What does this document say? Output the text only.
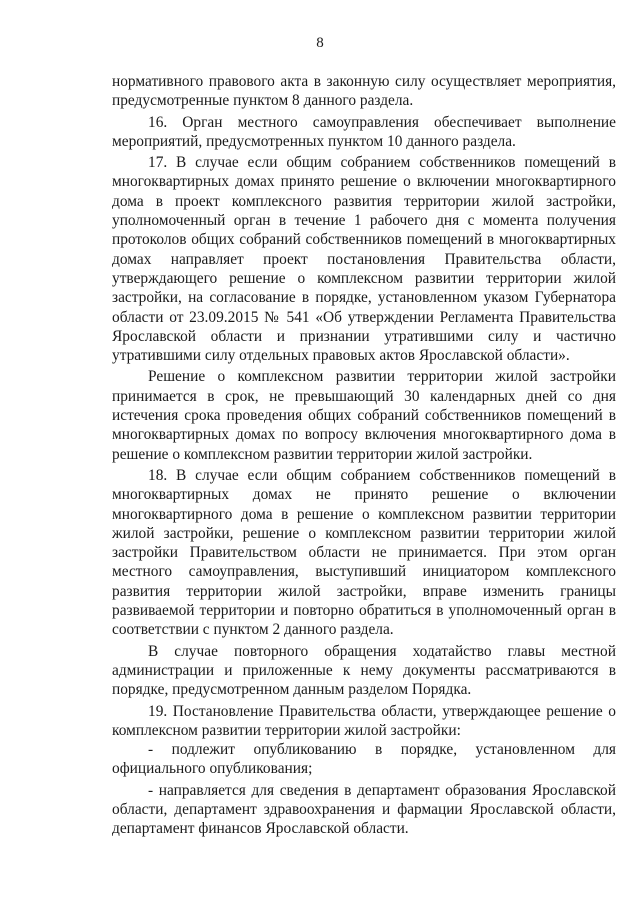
8

нормативного правового акта в законную силу осуществляет мероприятия, предусмотренные пунктом 8 данного раздела.

16. Орган местного самоуправления обеспечивает выполнение мероприятий, предусмотренных пунктом 10 данного раздела.

17. В случае если общим собранием собственников помещений в многоквартирных домах принято решение о включении многоквартирного дома в проект комплексного развития территории жилой застройки, уполномоченный орган в течение 1 рабочего дня с момента получения протоколов общих собраний собственников помещений в многоквартирных домах направляет проект постановления Правительства области, утверждающего решение о комплексном развитии территории жилой застройки, на согласование в порядке, установленном указом Губернатора области от 23.09.2015 № 541 «Об утверждении Регламента Правительства Ярославской области и признании утратившими силу и частично утратившими силу отдельных правовых актов Ярославской области».

Решение о комплексном развитии территории жилой застройки принимается в срок, не превышающий 30 календарных дней со дня истечения срока проведения общих собраний собственников помещений в многоквартирных домах по вопросу включения многоквартирного дома в решение о комплексном развитии территории жилой застройки.

18. В случае если общим собранием собственников помещений в многоквартирных домах не принято решение о включении многоквартирного дома в решение о комплексном развитии территории жилой застройки, решение о комплексном развитии территории жилой застройки Правительством области не принимается. При этом орган местного самоуправления, выступивший инициатором комплексного развития территории жилой застройки, вправе изменить границы развиваемой территории и повторно обратиться в уполномоченный орган в соответствии с пунктом 2 данного раздела.

В случае повторного обращения ходатайство главы местной администрации и приложенные к нему документы рассматриваются в порядке, предусмотренном данным разделом Порядка.

19. Постановление Правительства области, утверждающее решение о комплексном развитии территории жилой застройки:

- подлежит опубликованию в порядке, установленном для официального опубликования;

- направляется для сведения в департамент образования Ярославской области, департамент здравоохранения и фармации Ярославской области, департамент финансов Ярославской области.
